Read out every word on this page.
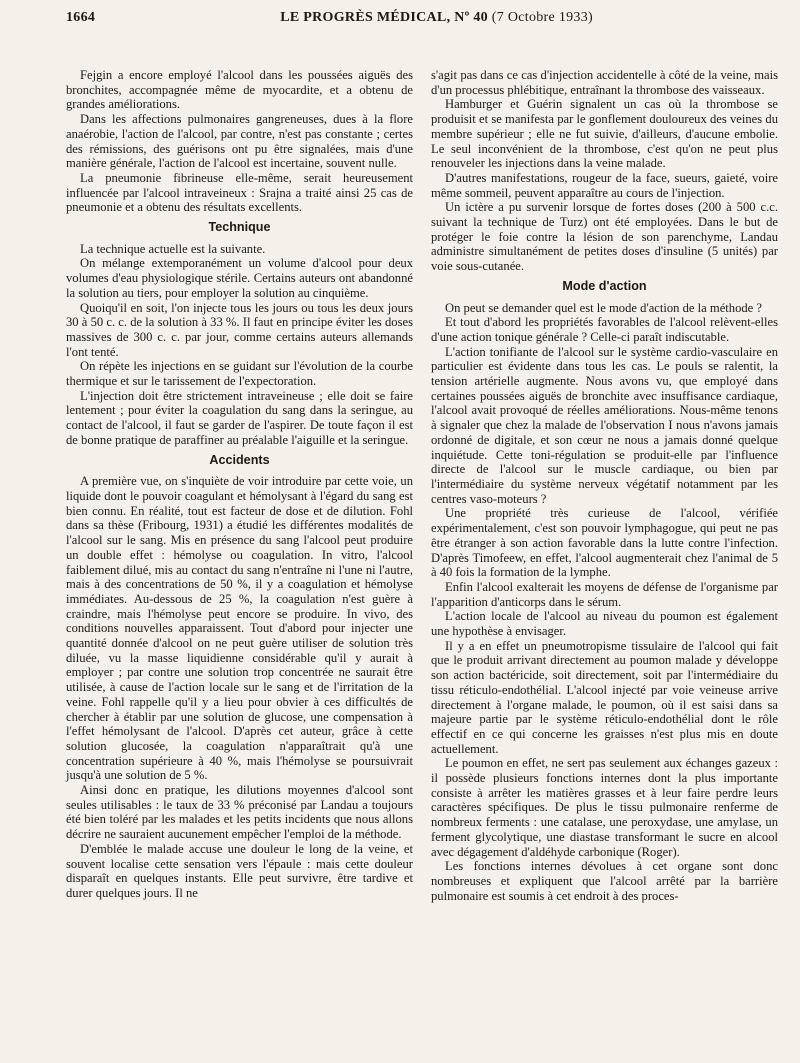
1664	LE PROGRÈS MÉDICAL, Nº 40 (7 Octobre 1933)

Fejgin a encore employé l'alcool dans les poussées aiguës des bronchites, accompagnée même de myocardite, et a obtenu de grandes améliorations.

Dans les affections pulmonaires gangreneuses, dues à la flore anaérobie, l'action de l'alcool, par contre, n'est pas constante ; certes des rémissions, des guérisons ont pu être signalées, mais d'une manière générale, l'action de l'alcool est incertaine, souvent nulle.

La pneumonie fibrineuse elle-même, serait heureusement influencée par l'alcool intraveineux : Srajna a traité ainsi 25 cas de pneumonie et a obtenu des résultats excellents.

Technique

La technique actuelle est la suivante.

On mélange extemporanément un volume d'alcool pour deux volumes d'eau physiologique stérile. Certains auteurs ont abandonné la solution au tiers, pour employer la solution au cinquième.

Quoiqu'il en soit, l'on injecte tous les jours ou tous les deux jours 30 à 50 c. c. de la solution à 33 %. Il faut en principe éviter les doses massives de 300 c. c. par jour, comme certains auteurs allemands l'ont tenté.

On répète les injections en se guidant sur l'évolution de la courbe thermique et sur le tarissement de l'expectoration.

L'injection doit être strictement intraveineuse ; elle doit se faire lentement ; pour éviter la coagulation du sang dans la seringue, au contact de l'alcool, il faut se garder de l'aspirer. De toute façon il est de bonne pratique de paraffiner au préalable l'aiguille et la seringue.

Accidents

A première vue, on s'inquiète de voir introduire par cette voie, un liquide dont le pouvoir coagulant et hémolysant à l'égard du sang est bien connu. En réalité, tout est facteur de dose et de dilution. Fohl dans sa thèse (Fribourg, 1931) a étudié les différentes modalités de l'alcool sur le sang. Mis en présence du sang l'alcool peut produire un double effet : hémolyse ou coagulation. In vitro, l'alcool faiblement dilué, mis au contact du sang n'entraîne ni l'une ni l'autre, mais à des concentrations de 50 %, il y a coagulation et hémolyse immédiates. Au-dessous de 25 %, la coagulation n'est guère à craindre, mais l'hémolyse peut encore se produire. In vivo, des conditions nouvelles apparaissent. Tout d'abord pour injecter une quantité donnée d'alcool on ne peut guère utiliser de solution très diluée, vu la masse liquidienne considérable qu'il y aurait à employer ; par contre une solution trop concentrée ne saurait être utilisée, à cause de l'action locale sur le sang et de l'irritation de la veine. Fohl rappelle qu'il y a lieu pour obvier à ces difficultés de chercher à établir par une solution de glucose, une compensation à l'effet hémolysant de l'alcool. D'après cet auteur, grâce à cette solution glucosée, la coagulation n'apparaîtrait qu'à une concentration supérieure à 40 %, mais l'hémolyse se poursuivrait jusqu'à une solution de 5 %.

Ainsi donc en pratique, les dilutions moyennes d'alcool sont seules utilisables : le taux de 33 % préconisé par Landau a toujours été bien toléré par les malades et les petits incidents que nous allons décrire ne sauraient aucunement empêcher l'emploi de la méthode.

D'emblée le malade accuse une douleur le long de la veine, et souvent localise cette sensation vers l'épaule : mais cette douleur disparaît en quelques instants. Elle peut survivre, être tardive et durer quelques jours. Il ne

s'agit pas dans ce cas d'injection accidentelle à côté de la veine, mais d'un processus phlébitique, entraînant la thrombose des vaisseaux.

Hamburger et Guérin signalent un cas où la thrombose se produisit et se manifesta par le gonflement douloureux des veines du membre supérieur ; elle ne fut suivie, d'ailleurs, d'aucune embolie. Le seul inconvénient de la thrombose, c'est qu'on ne peut plus renouveler les injections dans la veine malade.

D'autres manifestations, rougeur de la face, sueurs, gaieté, voire même sommeil, peuvent apparaître au cours de l'injection.

Un ictère a pu survenir lorsque de fortes doses (200 à 500 c.c. suivant la technique de Turz) ont été employées. Dans le but de protéger le foie contre la lésion de son parenchyme, Landau administre simultanément de petites doses d'insuline (5 unités) par voie sous-cutanée.

Mode d'action

On peut se demander quel est le mode d'action de la méthode ?

Et tout d'abord les propriétés favorables de l'alcool relèvent-elles d'une action tonique générale ? Celle-ci paraît indiscutable.

L'action tonifiante de l'alcool sur le système cardio-vasculaire en particulier est évidente dans tous les cas. Le pouls se ralentit, la tension artérielle augmente. Nous avons vu, que employé dans certaines poussées aiguës de bronchite avec insuffisance cardiaque, l'alcool avait provoqué de réelles améliorations. Nous-même tenons à signaler que chez la malade de l'observation I nous n'avons jamais ordonné de digitale, et son cœur ne nous a jamais donné quelque inquiétude. Cette toni-régulation se produit-elle par l'influence directe de l'alcool sur le muscle cardiaque, ou bien par l'intermédiaire du système nerveux végétatif notamment par les centres vaso-moteurs ?

Une propriété très curieuse de l'alcool, vérifiée expérimentalement, c'est son pouvoir lymphagogue, qui peut ne pas être étranger à son action favorable dans la lutte contre l'infection. D'après Timofeew, en effet, l'alcool augmenterait chez l'animal de 5 à 40 fois la formation de la lymphe.

Enfin l'alcool exalterait les moyens de défense de l'organisme par l'apparition d'anticorps dans le sérum.

L'action locale de l'alcool au niveau du poumon est également une hypothèse à envisager.

Il y a en effet un pneumotropisme tissulaire de l'alcool qui fait que le produit arrivant directement au poumon malade y développe son action bactéricide, soit directement, soit par l'intermédiaire du tissu réticulo-endothélial. L'alcool injecté par voie veineuse arrive directement à l'organe malade, le poumon, où il est saisi dans sa majeure partie par le système réticulo-endothélial dont le rôle effectif en ce qui concerne les graisses n'est plus mis en doute actuellement.

Le poumon en effet, ne sert pas seulement aux échanges gazeux : il possède plusieurs fonctions internes dont la plus importante consiste à arrêter les matières grasses et à leur faire perdre leurs caractères spécifiques. De plus le tissu pulmonaire renferme de nombreux ferments : une catalase, une peroxydase, une amylase, un ferment glycolytique, une diastase transformant le sucre en alcool avec dégagement d'aldéhyde carbonique (Roger).

Les fonctions internes dévolues à cet organe sont donc nombreuses et expliquent que l'alcool arrêté par la barrière pulmonaire est soumis à cet endroit à des proces-
